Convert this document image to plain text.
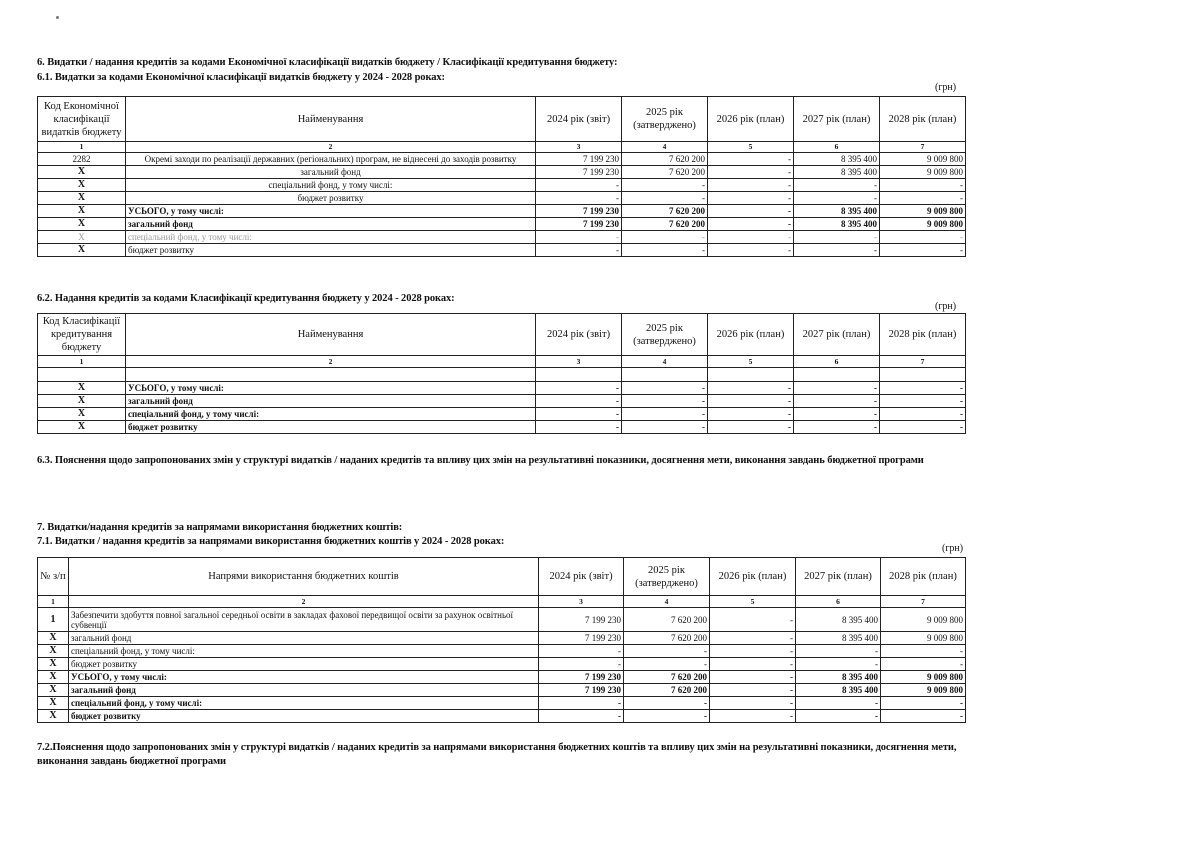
6. Видатки / надання кредитів за кодами Економічної класифікації видатків бюджету / Класифікації кредитування бюджету:
6.1. Видатки за кодами Економічної класифікації видатків бюджету у 2024 - 2028 роках:
(грн)
Код Економічної класифікації видатків бюджету	Найменування	2024 рік (звіт)	2025 рік (затверджено)	2026 рік (план)	2027 рік (план)	2028 рік (план)
1	2	3	4	5	6	7
2282	Окремі заходи по реалізації державних (регіональних) програм, не віднесені до заходів розвитку	7 199 230	7 620 200	-	8 395 400	9 009 800
X	загальний фонд	7 199 230	7 620 200	-	8 395 400	9 009 800
X	спеціальний фонд, у тому числі:	-	-	-	-	-
X	бюджет розвитку	-	-	-	-	-
X	УСЬОГО, у тому числі:	7 199 230	7 620 200	-	8 395 400	9 009 800
X	загальний фонд	7 199 230	7 620 200	-	8 395 400	9 009 800
X	спеціальний фонд, у тому числі:	-	-	-	-	-
X	бюджет розвитку	-	-	-	-	-
6.2. Надання кредитів за кодами Класифікації кредитування бюджету у 2024 - 2028 роках:
(грн)
Код Класифікації кредитування бюджету	Найменування	2024 рік (звіт)	2025 рік (затверджено)	2026 рік (план)	2027 рік (план)	2028 рік (план)
1	2	3	4	5	6	7

X	УСЬОГО, у тому числі:	-	-	-	-	-
X	загальний фонд	-	-	-	-	-
X	спеціальний фонд, у тому числі:	-	-	-	-	-
X	бюджет розвитку	-	-	-	-	-
6.3. Пояснення щодо запропонованих змін у структурі видатків / наданих кредитів та впливу цих змін на результативні показники, досягнення мети, виконання завдань бюджетної програми
7. Видатки/надання кредитів за напрямами використання бюджетних коштів:
7.1. Видатки / надання кредитів за напрямами використання бюджетних коштів у 2024 - 2028 роках:
(грн)
№ з/п	Напрями використання бюджетних коштів	2024 рік (звіт)	2025 рік (затверджено)	2026 рік (план)	2027 рік (план)	2028 рік (план)
1	2	3	4	5	6	7
1	Забезпечити здобуття повної загальної середньої освіти в закладах фахової передвищої освіти за рахунок освітньої субвенції	7 199 230	7 620 200	-	8 395 400	9 009 800
X	загальний фонд	7 199 230	7 620 200	-	8 395 400	9 009 800
X	спеціальний фонд, у тому числі:	-	-	-	-	-
X	бюджет розвитку	-	-	-	-	-
X	УСЬОГО, у тому числі:	7 199 230	7 620 200	-	8 395 400	9 009 800
X	загальний фонд	7 199 230	7 620 200	-	8 395 400	9 009 800
X	спеціальний фонд, у тому числі:	-	-	-	-	-
X	бюджет розвитку	-	-	-	-	-
7.2.Пояснення щодо запропонованих змін у структурі видатків / наданих кредитів за напрямами використання бюджетних коштів та впливу цих змін на результативні показники, досягнення мети,
виконання завдань бюджетної програми
